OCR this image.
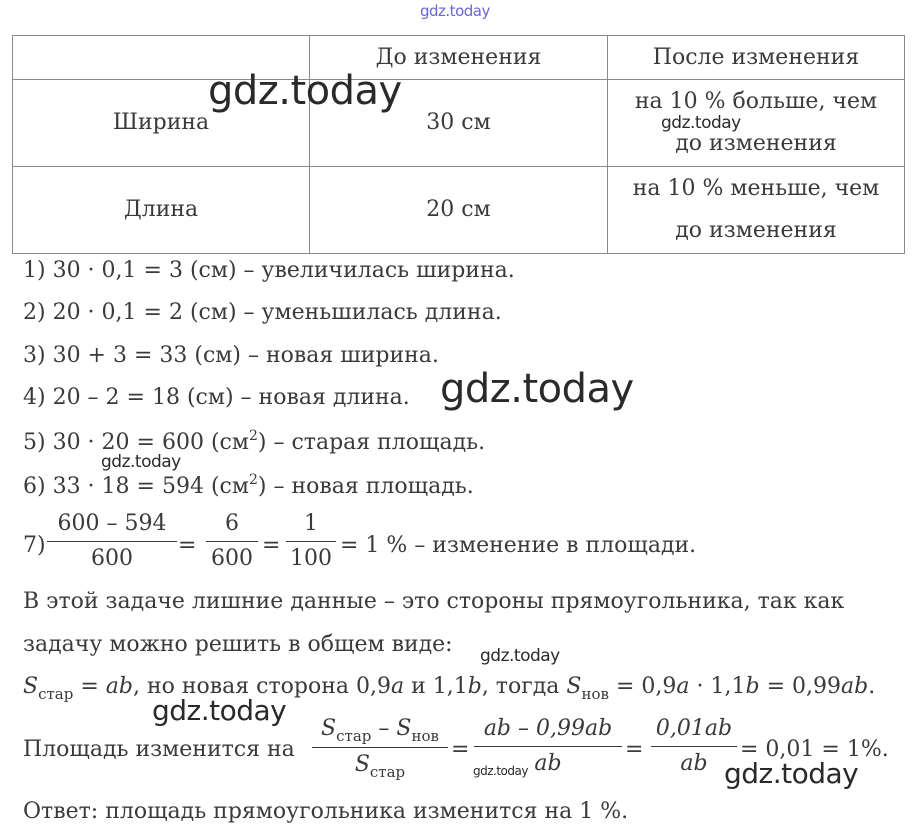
gdz.today
	До изменения	После изменения
Ширина	30 см	на 10 % больше, чем
до изменения

Длина	20 см	на 10 % меньше, чем
до изменения
1) 30 · 0,1 = 3 (см) – увеличилась ширина.
2) 20 · 0,1 = 2 (см) – уменьшилась длина.
3) 30 + 3 = 33 (см) – новая ширина.
4) 20 – 2 = 18 (см) – новая длина.
5) 30 · 20 = 600 $(см^2)$ – старая площадь.
6) 33 · 18 = 594 $(см^2)$ – новая площадь.
$7) \frac{600 - 594}{600} = \frac{6}{600} = \frac{1}{100} = 1$ % – изменение в площади.
В этой задаче лишние данные – это стороны прямоугольника, так как
задачу можно решить в общем виде:
$S_{стар}$ = ab, но новая сторона 0,9a и 1,1b, тогда $S_{нов} = 0,9a \cdot 1,1b = 0,99ab$.
Площадь изменится на
$S_{стар} - S_{нов}$
$S_{стар}$
= $\frac{ab - 0,99ab}{ab} = \frac{0,01ab}{ab} = 0,01 = 1\%$.
Ответ: площадь прямоугольника изменится на 1 %.
gdz.today
gdz.today
gdz.today
gdz.today
gdz.today
gdz.today
gdz.today	gdz.today
